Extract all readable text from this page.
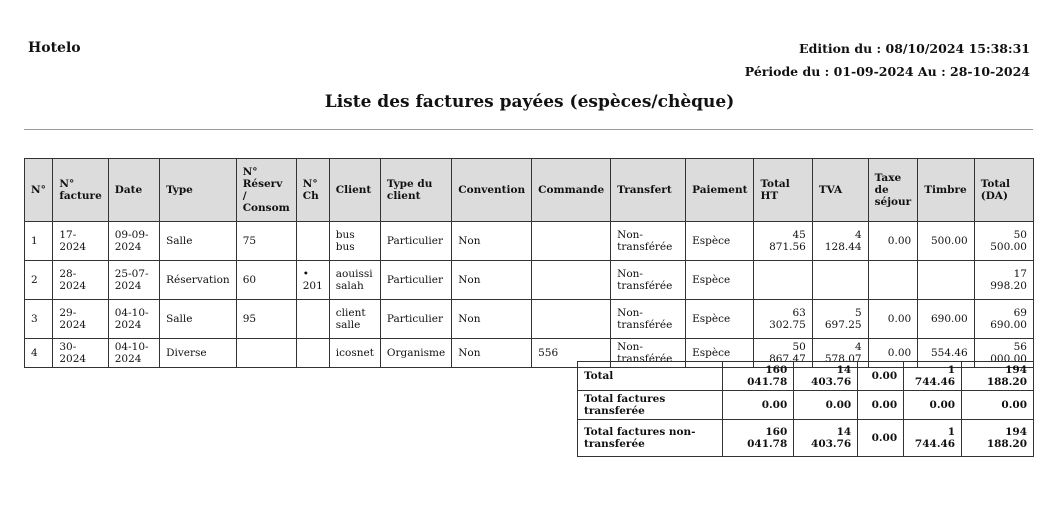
Hotelo	Edition du : 08/10/2024 15:38:31
Période du : 01-09-2024 Au : 28-10-2024
Liste des factures payées (espèces/chèque)
N°	N° facture	Date	Type	N° Réserv / Consom	N° Ch	Client	Type du client	Convention	Commande	Transfert	Paiement	Total HT	TVA	Taxe de séjour	Timbre	Total (DA)
1	17-2024	09-09-2024	Salle	75		bus bus	Particulier	Non		Non-transférée	Espèce	45 871.56	4 128.44	0.00	500.00	50 500.00
2	28-2024	25-07-2024	Réservation	60	• 201	aouissi salah	Particulier	Non		Non-transférée	Espèce					17 998.20
3	29-2024	04-10-2024	Salle	95		client salle	Particulier	Non		Non-transférée	Espèce	63 302.75	5 697.25	0.00	690.00	69 690.00
4	30-2024	04-10-2024	Diverse			icosnet	Organisme	Non	556	Non-transférée	Espèce	50 867.47	4 578.07	0.00	554.46	56 000.00
Total	160 041.78	14 403.76	0.00	1 744.46	194 188.20
Total factures transferée	0.00	0.00	0.00	0.00	0.00
Total factures non-transferée	160 041.78	14 403.76	0.00	1 744.46	194 188.20
